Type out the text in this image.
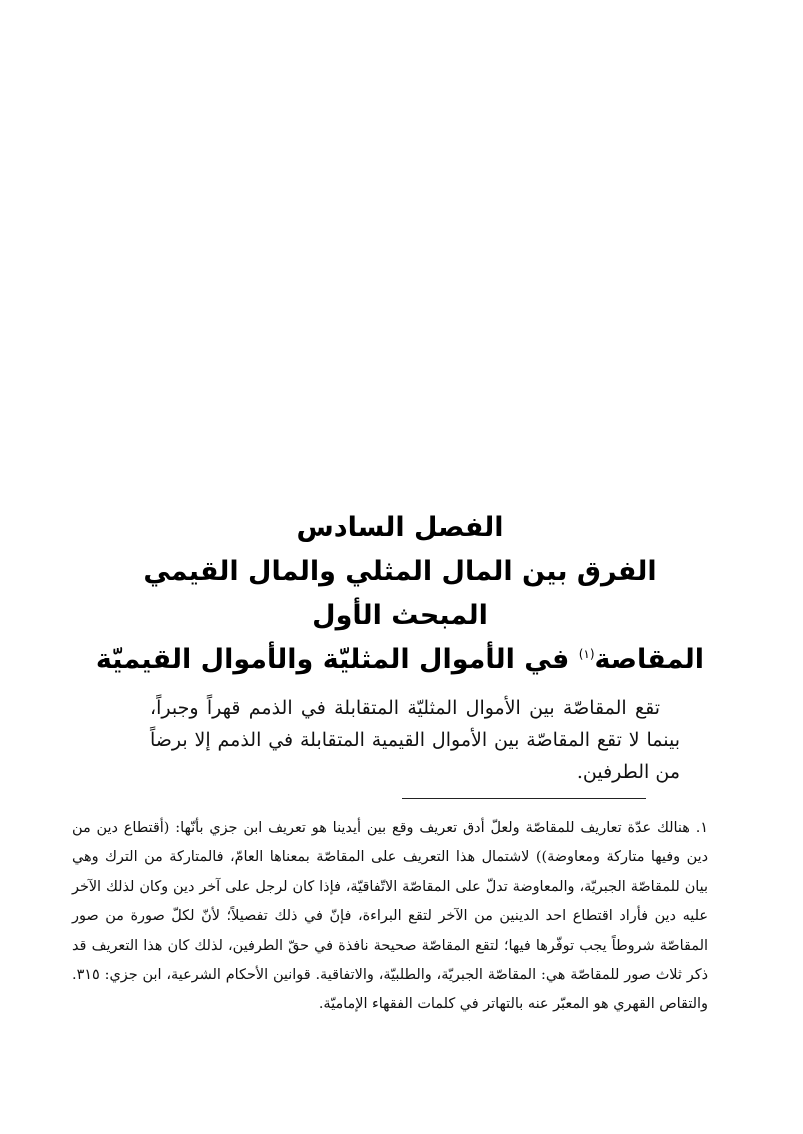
الفصل السادس
الفرق بين المال المثلي والمال القيمي
المبحث الأول
المقاصة$^{(١)}$ في الأموال المثليّة والأموال القيميّة

تقع المقاصّة بين الأموال المثليّة المتقابلة في الذمم قهراً وجبراً، بينما لا تقع المقاصّة بين الأموال القيمية المتقابلة في الذمم إلا برضاً من الطرفين.

١. هنالك عدّة تعاريف للمقاصّة ولعلّ أدق تعريف وقع بين أيدينا هو تعريف ابن جزي بأنّها: (أقتطاع دين من دين وفيها متاركة ومعاوضة)) لاشتمال هذا التعريف على المقاصّة بمعناها العامّ، فالمتاركة من الترك وهي بيان للمقاصّة الجبريّة، والمعاوضة تدلّ على المقاصّة الاتّفاقيّة، فإذا كان لرجل على آخر دين وكان لذلك الآخر عليه دين فأراد اقتطاع احد الدينين من الآخر لتقع البراءة، فإنّ في ذلك تفصيلاً؛ لأنّ لكلّ صورة من صور المقاصّة شروطاً يجب توفّرها فيها؛ لتقع المقاصّة صحيحة نافذة في حقّ الطرفين، لذلك كان هذا التعريف قد ذكر ثلاث صور للمقاصّة هي: المقاصّة الجبريّة، والطلبيّة، والاتفاقية. قوانين الأحكام الشرعية، ابن جزي: ٣١٥. والتقاص القهري هو المعبّر عنه بالتهاتر في كلمات الفقهاء الإماميّة.
